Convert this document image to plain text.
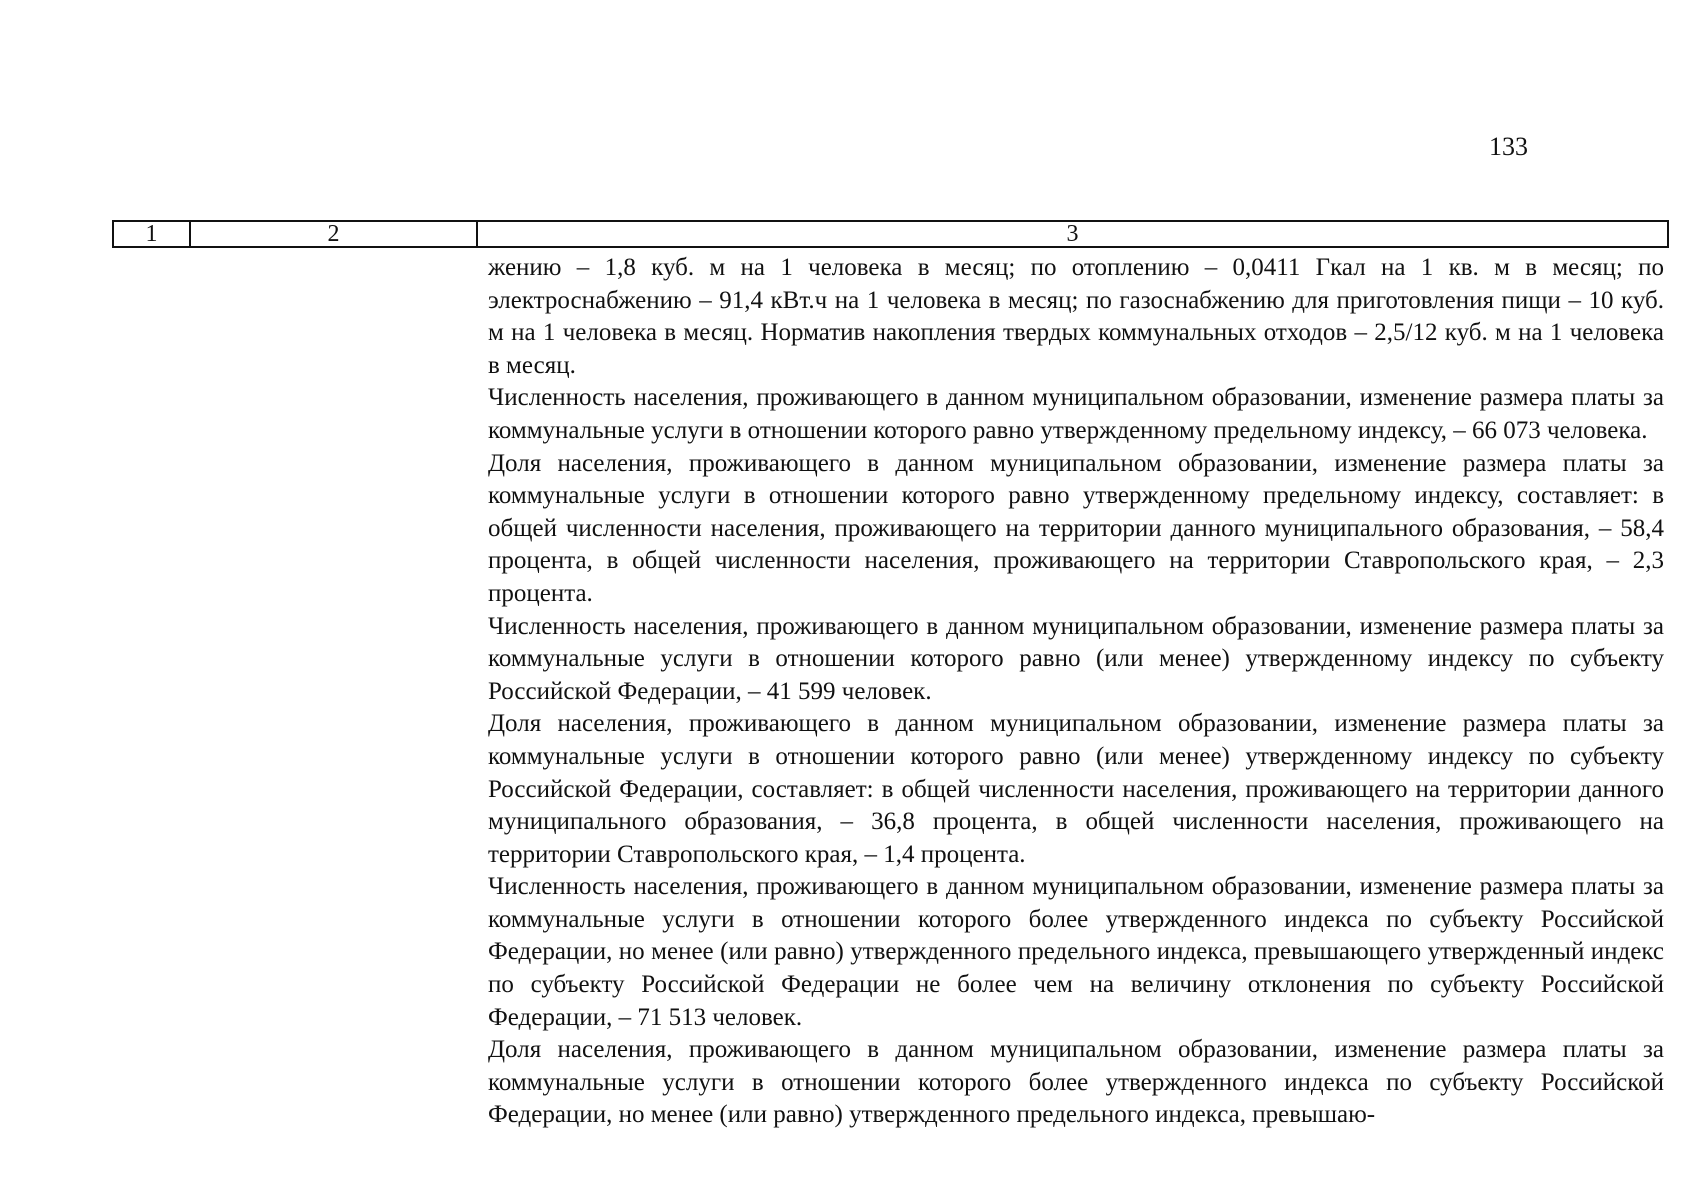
133
1	2	3

жению – 1,8 куб. м на 1 человека в месяц; по отоплению – 0,0411 Гкал на 1 кв. м в месяц; по электроснабжению – 91,4 кВт.ч на 1 человека в месяц; по газоснабжению для приготовления пищи – 10 куб. м на 1 человека в месяц. Норматив накопления твердых коммунальных отходов – 2,5/12 куб. м на 1 человека в месяц.

Численность населения, проживающего в данном муниципальном образовании, изменение размера платы за коммунальные услуги в отношении которого равно утвержденному предельному индексу, – 66 073 человека.

Доля населения, проживающего в данном муниципальном образовании, изменение размера платы за коммунальные услуги в отношении которого равно утвержденному предельному индексу, составляет: в общей численности населения, проживающего на территории данного муниципального образования, – 58,4 процента, в общей численности населения, проживающего на территории Ставропольского края, – 2,3 процента.

Численность населения, проживающего в данном муниципальном образовании, изменение размера платы за коммунальные услуги в отношении которого равно (или менее) утвержденному индексу по субъекту Российской Федерации, – 41 599 человек.

Доля населения, проживающего в данном муниципальном образовании, изменение размера платы за коммунальные услуги в отношении которого равно (или менее) утвержденному индексу по субъекту Российской Федерации, составляет: в общей численности населения, проживающего на территории данного муниципального образования, – 36,8 процента, в общей численности населения, проживающего на территории Ставропольского края, – 1,4 процента.

Численность населения, проживающего в данном муниципальном образовании, изменение размера платы за коммунальные услуги в отношении которого более утвержденного индекса по субъекту Российской Федерации, но менее (или равно) утвержденного предельного индекса, превышающего утвержденный индекс по субъекту Российской Федерации не более чем на величину отклонения по субъекту Российской Федерации, – 71 513 человек.

Доля населения, проживающего в данном муниципальном образовании, изменение размера платы за коммунальные услуги в отношении которого более утвержденного индекса по субъекту Российской Федерации, но менее (или равно) утвержденного предельного индекса, превышаю-
